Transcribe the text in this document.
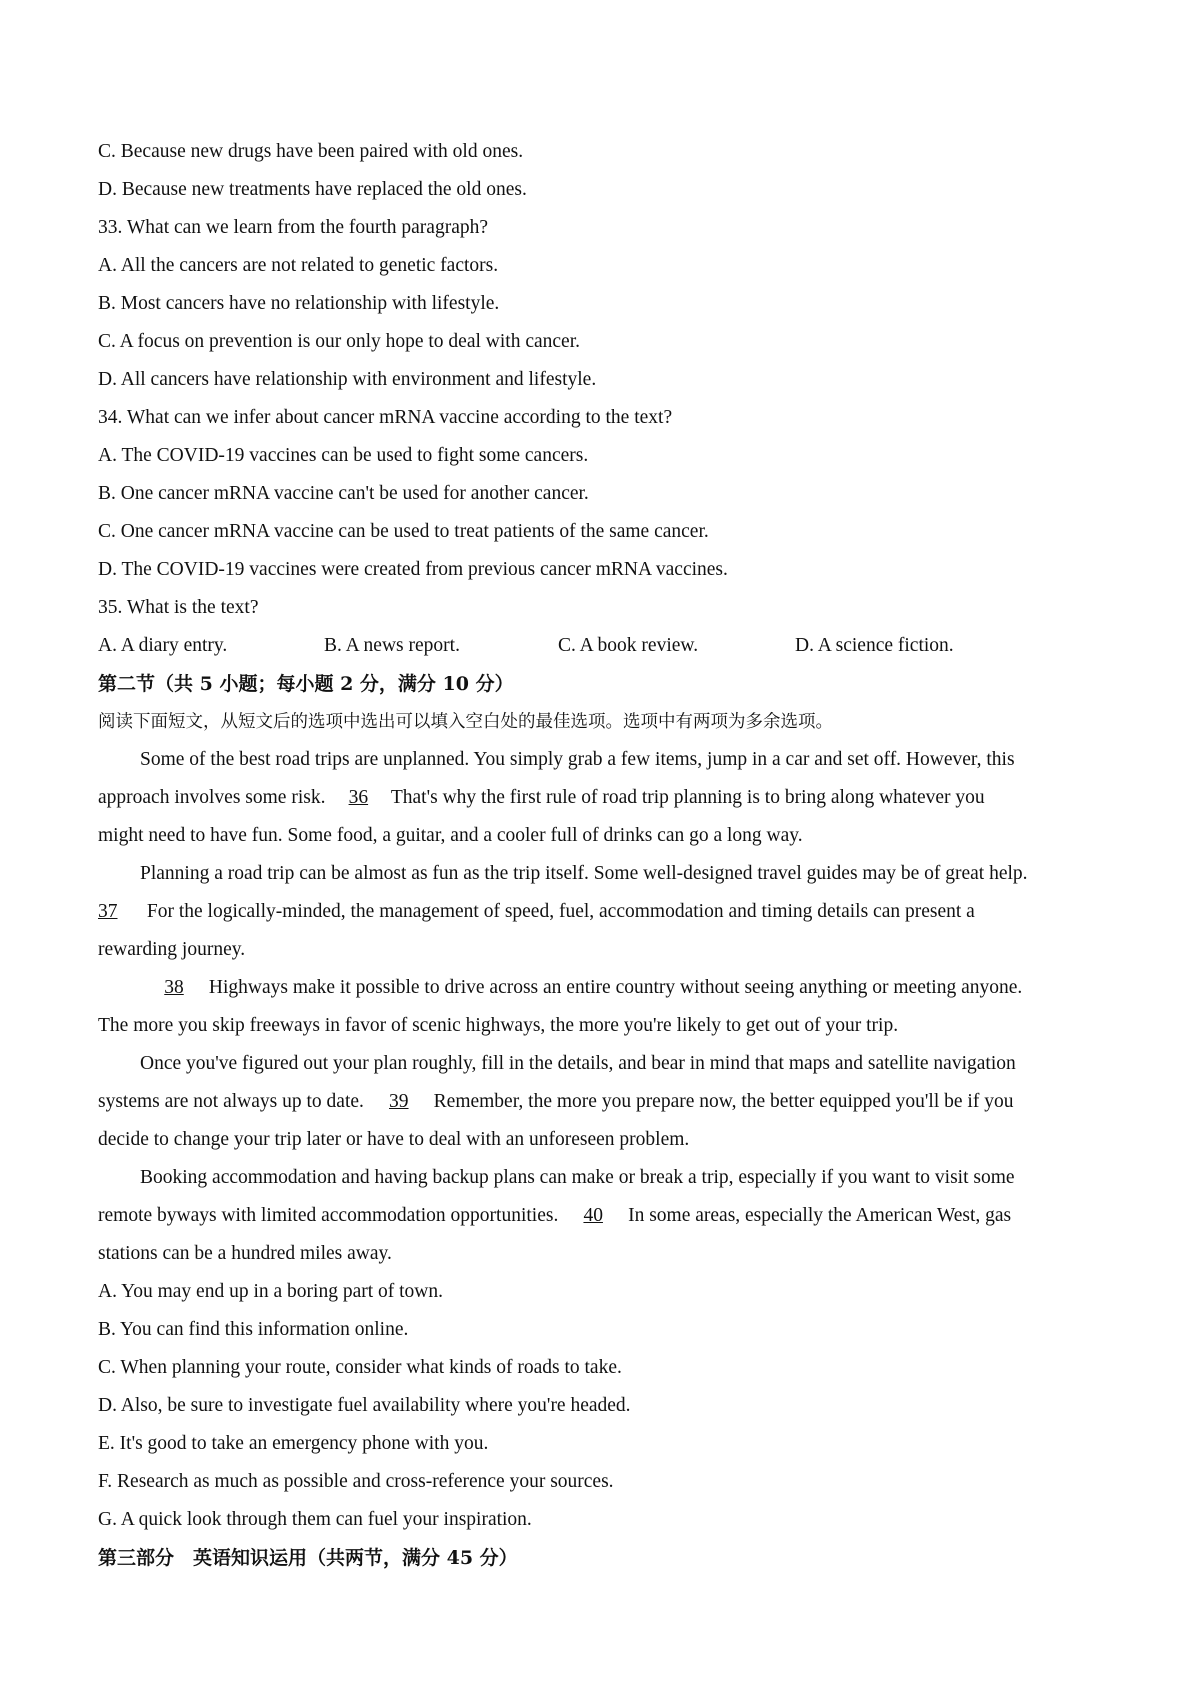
C. Because new drugs have been paired with old ones.
D. Because new treatments have replaced the old ones.
33. What can we learn from the fourth paragraph?
A. All the cancers are not related to genetic factors.
B. Most cancers have no relationship with lifestyle.
C. A focus on prevention is our only hope to deal with cancer.
D. All cancers have relationship with environment and lifestyle.
34. What can we infer about cancer mRNA vaccine according to the text?
A. The COVID-19 vaccines can be used to fight some cancers.
B. One cancer mRNA vaccine can't be used for another cancer.
C. One cancer mRNA vaccine can be used to treat patients of the same cancer.
D. The COVID-19 vaccines were created from previous cancer mRNA vaccines.
35. What is the text?
A. A diary entry.	B. A news report.	C. A book review.	D. A science fiction.
第二节（共 5 小题；每小题 2 分，满分 10 分）
阅读下面短文，从短文后的选项中选出可以填入空白处的最佳选项。选项中有两项为多余选项。
Some of the best road trips are unplanned. You simply grab a few items, jump in a car and set off. However, this
approach involves some risk. 36 That's why the first rule of road trip planning is to bring along whatever you
might need to have fun. Some food, a guitar, and a cooler full of drinks can go a long way.
Planning a road trip can be almost as fun as the trip itself. Some well-designed travel guides may be of great help.
37 For the logically-minded, the management of speed, fuel, accommodation and timing details can present a
rewarding journey.
38 Highways make it possible to drive across an entire country without seeing anything or meeting anyone.
The more you skip freeways in favor of scenic highways, the more you're likely to get out of your trip.
Once you've figured out your plan roughly, fill in the details, and bear in mind that maps and satellite navigation
systems are not always up to date. 39 Remember, the more you prepare now, the better equipped you'll be if you
decide to change your trip later or have to deal with an unforeseen problem.
Booking accommodation and having backup plans can make or break a trip, especially if you want to visit some
remote byways with limited accommodation opportunities. 40 In some areas, especially the American West, gas
stations can be a hundred miles away.
A. You may end up in a boring part of town.
B. You can find this information online.
C. When planning your route, consider what kinds of roads to take.
D. Also, be sure to investigate fuel availability where you're headed.
E. It's good to take an emergency phone with you.
F. Research as much as possible and cross-reference your sources.
G. A quick look through them can fuel your inspiration.
第三部分　英语知识运用（共两节，满分 45 分）
